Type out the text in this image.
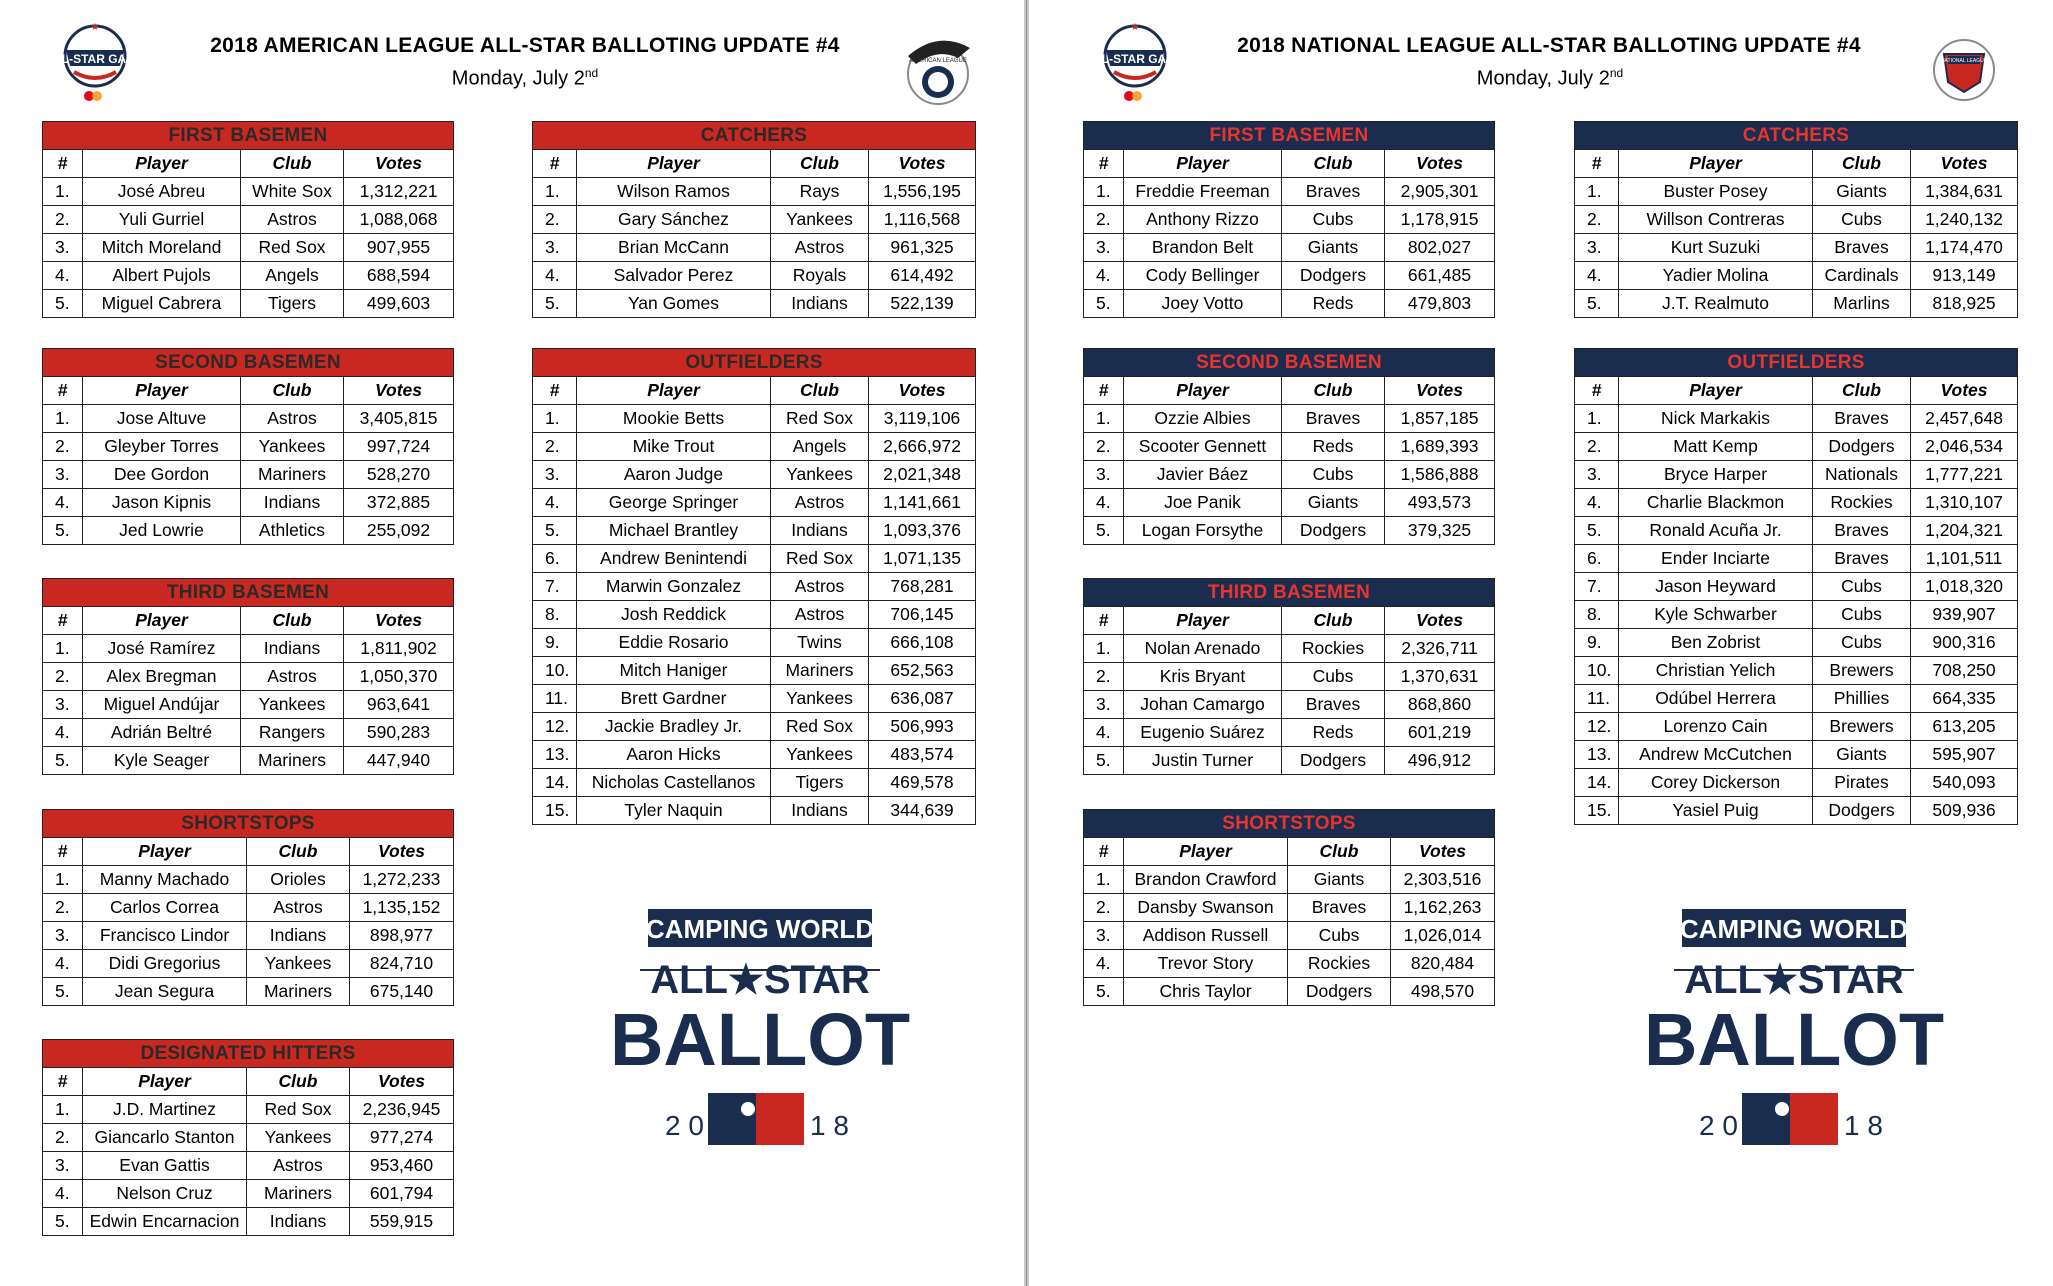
ALL-STAR GAME
★
2018 AMERICAN LEAGUE ALL-STAR BALLOTING UPDATE #4
Monday, July 2nd
AMERICAN LEAGUE
FIRST BASEMEN			
#	Player	Club	Votes
1.	José Abreu	White Sox	1,312,221
2.	Yuli Gurriel	Astros	1,088,068
3.	Mitch Moreland	Red Sox	907,955
4.	Albert Pujols	Angels	688,594
5.	Miguel Cabrera	Tigers	499,603
SECOND BASEMEN			
#	Player	Club	Votes
1.	Jose Altuve	Astros	3,405,815
2.	Gleyber Torres	Yankees	997,724
3.	Dee Gordon	Mariners	528,270
4.	Jason Kipnis	Indians	372,885
5.	Jed Lowrie	Athletics	255,092
THIRD BASEMEN			
#	Player	Club	Votes
1.	José Ramírez	Indians	1,811,902
2.	Alex Bregman	Astros	1,050,370
3.	Miguel Andújar	Yankees	963,641
4.	Adrián Beltré	Rangers	590,283
5.	Kyle Seager	Mariners	447,940
SHORTSTOPS			
#	Player	Club	Votes
1.	Manny Machado	Orioles	1,272,233
2.	Carlos Correa	Astros	1,135,152
3.	Francisco Lindor	Indians	898,977
4.	Didi Gregorius	Yankees	824,710
5.	Jean Segura	Mariners	675,140
DESIGNATED HITTERS			
#	Player	Club	Votes
1.	J.D. Martinez	Red Sox	2,236,945
2.	Giancarlo Stanton	Yankees	977,274
3.	Evan Gattis	Astros	953,460
4.	Nelson Cruz	Mariners	601,794
5.	Edwin Encarnacion	Indians	559,915
CATCHERS			
#	Player	Club	Votes
1.	Wilson Ramos	Rays	1,556,195
2.	Gary Sánchez	Yankees	1,116,568
3.	Brian McCann	Astros	961,325
4.	Salvador Perez	Royals	614,492
5.	Yan Gomes	Indians	522,139
OUTFIELDERS			
#	Player	Club	Votes
1.	Mookie Betts	Red Sox	3,119,106
2.	Mike Trout	Angels	2,666,972
3.	Aaron Judge	Yankees	2,021,348
4.	George Springer	Astros	1,141,661
5.	Michael Brantley	Indians	1,093,376
6.	Andrew Benintendi	Red Sox	1,071,135
7.	Marwin Gonzalez	Astros	768,281
8.	Josh Reddick	Astros	706,145
9.	Eddie Rosario	Twins	666,108
10.	Mitch Haniger	Mariners	652,563
11.	Brett Gardner	Yankees	636,087
12.	Jackie Bradley Jr.	Red Sox	506,993
13.	Aaron Hicks	Yankees	483,574
14.	Nicholas Castellanos	Tigers	469,578
15.	Tyler Naquin	Indians	344,639
CAMPING WORLD
ALL★STAR
BALLOT
2 0	1 8
ALL-STAR GAME
★
2018 NATIONAL LEAGUE ALL-STAR BALLOTING UPDATE #4
Monday, July 2nd
NATIONAL LEAGUE
FIRST BASEMEN			
#	Player	Club	Votes
1.	Freddie Freeman	Braves	2,905,301
2.	Anthony Rizzo	Cubs	1,178,915
3.	Brandon Belt	Giants	802,027
4.	Cody Bellinger	Dodgers	661,485
5.	Joey Votto	Reds	479,803
SECOND BASEMEN			
#	Player	Club	Votes
1.	Ozzie Albies	Braves	1,857,185
2.	Scooter Gennett	Reds	1,689,393
3.	Javier Báez	Cubs	1,586,888
4.	Joe Panik	Giants	493,573
5.	Logan Forsythe	Dodgers	379,325
THIRD BASEMEN			
#	Player	Club	Votes
1.	Nolan Arenado	Rockies	2,326,711
2.	Kris Bryant	Cubs	1,370,631
3.	Johan Camargo	Braves	868,860
4.	Eugenio Suárez	Reds	601,219
5.	Justin Turner	Dodgers	496,912
SHORTSTOPS			
#	Player	Club	Votes
1.	Brandon Crawford	Giants	2,303,516
2.	Dansby Swanson	Braves	1,162,263
3.	Addison Russell	Cubs	1,026,014
4.	Trevor Story	Rockies	820,484
5.	Chris Taylor	Dodgers	498,570
CATCHERS			
#	Player	Club	Votes
1.	Buster Posey	Giants	1,384,631
2.	Willson Contreras	Cubs	1,240,132
3.	Kurt Suzuki	Braves	1,174,470
4.	Yadier Molina	Cardinals	913,149
5.	J.T. Realmuto	Marlins	818,925
OUTFIELDERS			
#	Player	Club	Votes
1.	Nick Markakis	Braves	2,457,648
2.	Matt Kemp	Dodgers	2,046,534
3.	Bryce Harper	Nationals	1,777,221
4.	Charlie Blackmon	Rockies	1,310,107
5.	Ronald Acuña Jr.	Braves	1,204,321
6.	Ender Inciarte	Braves	1,101,511
7.	Jason Heyward	Cubs	1,018,320
8.	Kyle Schwarber	Cubs	939,907
9.	Ben Zobrist	Cubs	900,316
10.	Christian Yelich	Brewers	708,250
11.	Odúbel Herrera	Phillies	664,335
12.	Lorenzo Cain	Brewers	613,205
13.	Andrew McCutchen	Giants	595,907
14.	Corey Dickerson	Pirates	540,093
15.	Yasiel Puig	Dodgers	509,936
CAMPING WORLD
ALL★STAR
BALLOT
2 0	1 8
